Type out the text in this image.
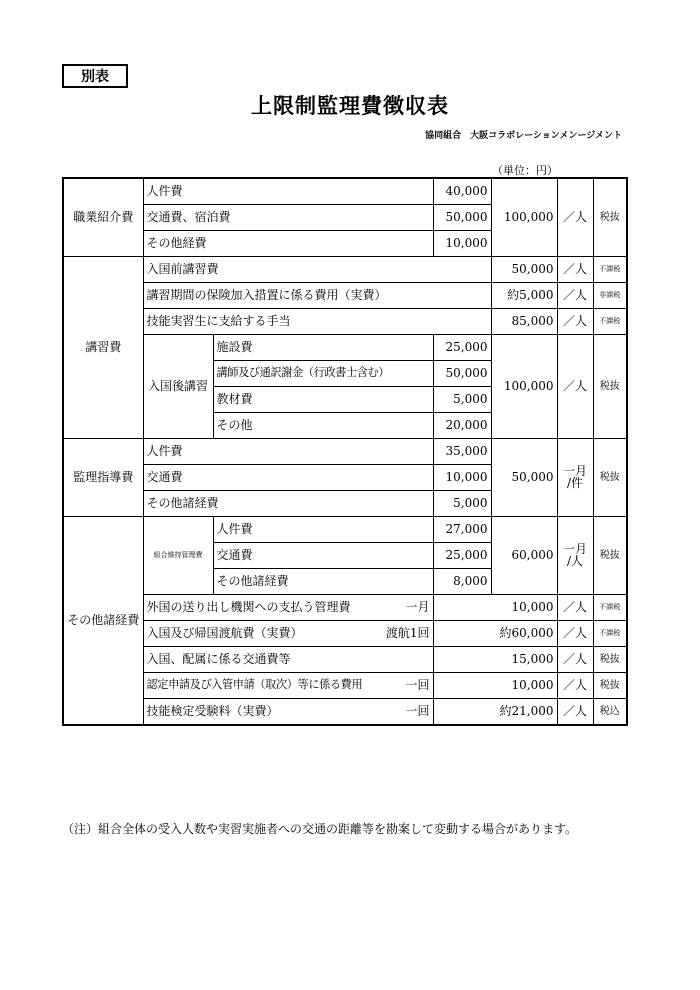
別表
上限制監理費徴収表
協同組合　大阪コラボレーションメンージメント
（単位：円）
職業紹介費	人件費		40,000	100,000	／人	税抜
	交通費、宿泊費		50,000			
	その他経費		10,000			
講習費	入国前講習費			50,000	／人	不課税
	講習期間の保険加入措置に係る費用（実費）			約5,000	／人	非課税
	技能実習生に支給する手当			85,000	／人	不課税
	入国後講習	施設費	25,000	100,000	／人	税抜
		講師及び通訳謝金（行政書士含む）	50,000			
		教材費	5,000			
		その他	20,000			
監理指導費	人件費		35,000	50,000	一月
/件	税抜
	交通費		10,000			
	その他諸経費		5,000			
その他諸経費	組合維持管理費	人件費	27,000	60,000	一月
/人	税抜
		交通費	25,000			
		その他諸経費	8,000			

	外国の送り出し機関への支払う管理費 一月		10,000		／人	不課税

	入国及び帰国渡航費（実費） 渡航1回		約60,000		／人	不課税

	入国、配属に係る交通費等		15,000		／人	税抜

	認定申請及び入管申請（取次）等に係る費用 一回		10,000		／人	税抜

	技能検定受験料（実費） 一回		約21,000		／人	税込
（注）組合全体の受入人数や実習実施者への交通の距離等を勘案して変動する場合があります。
